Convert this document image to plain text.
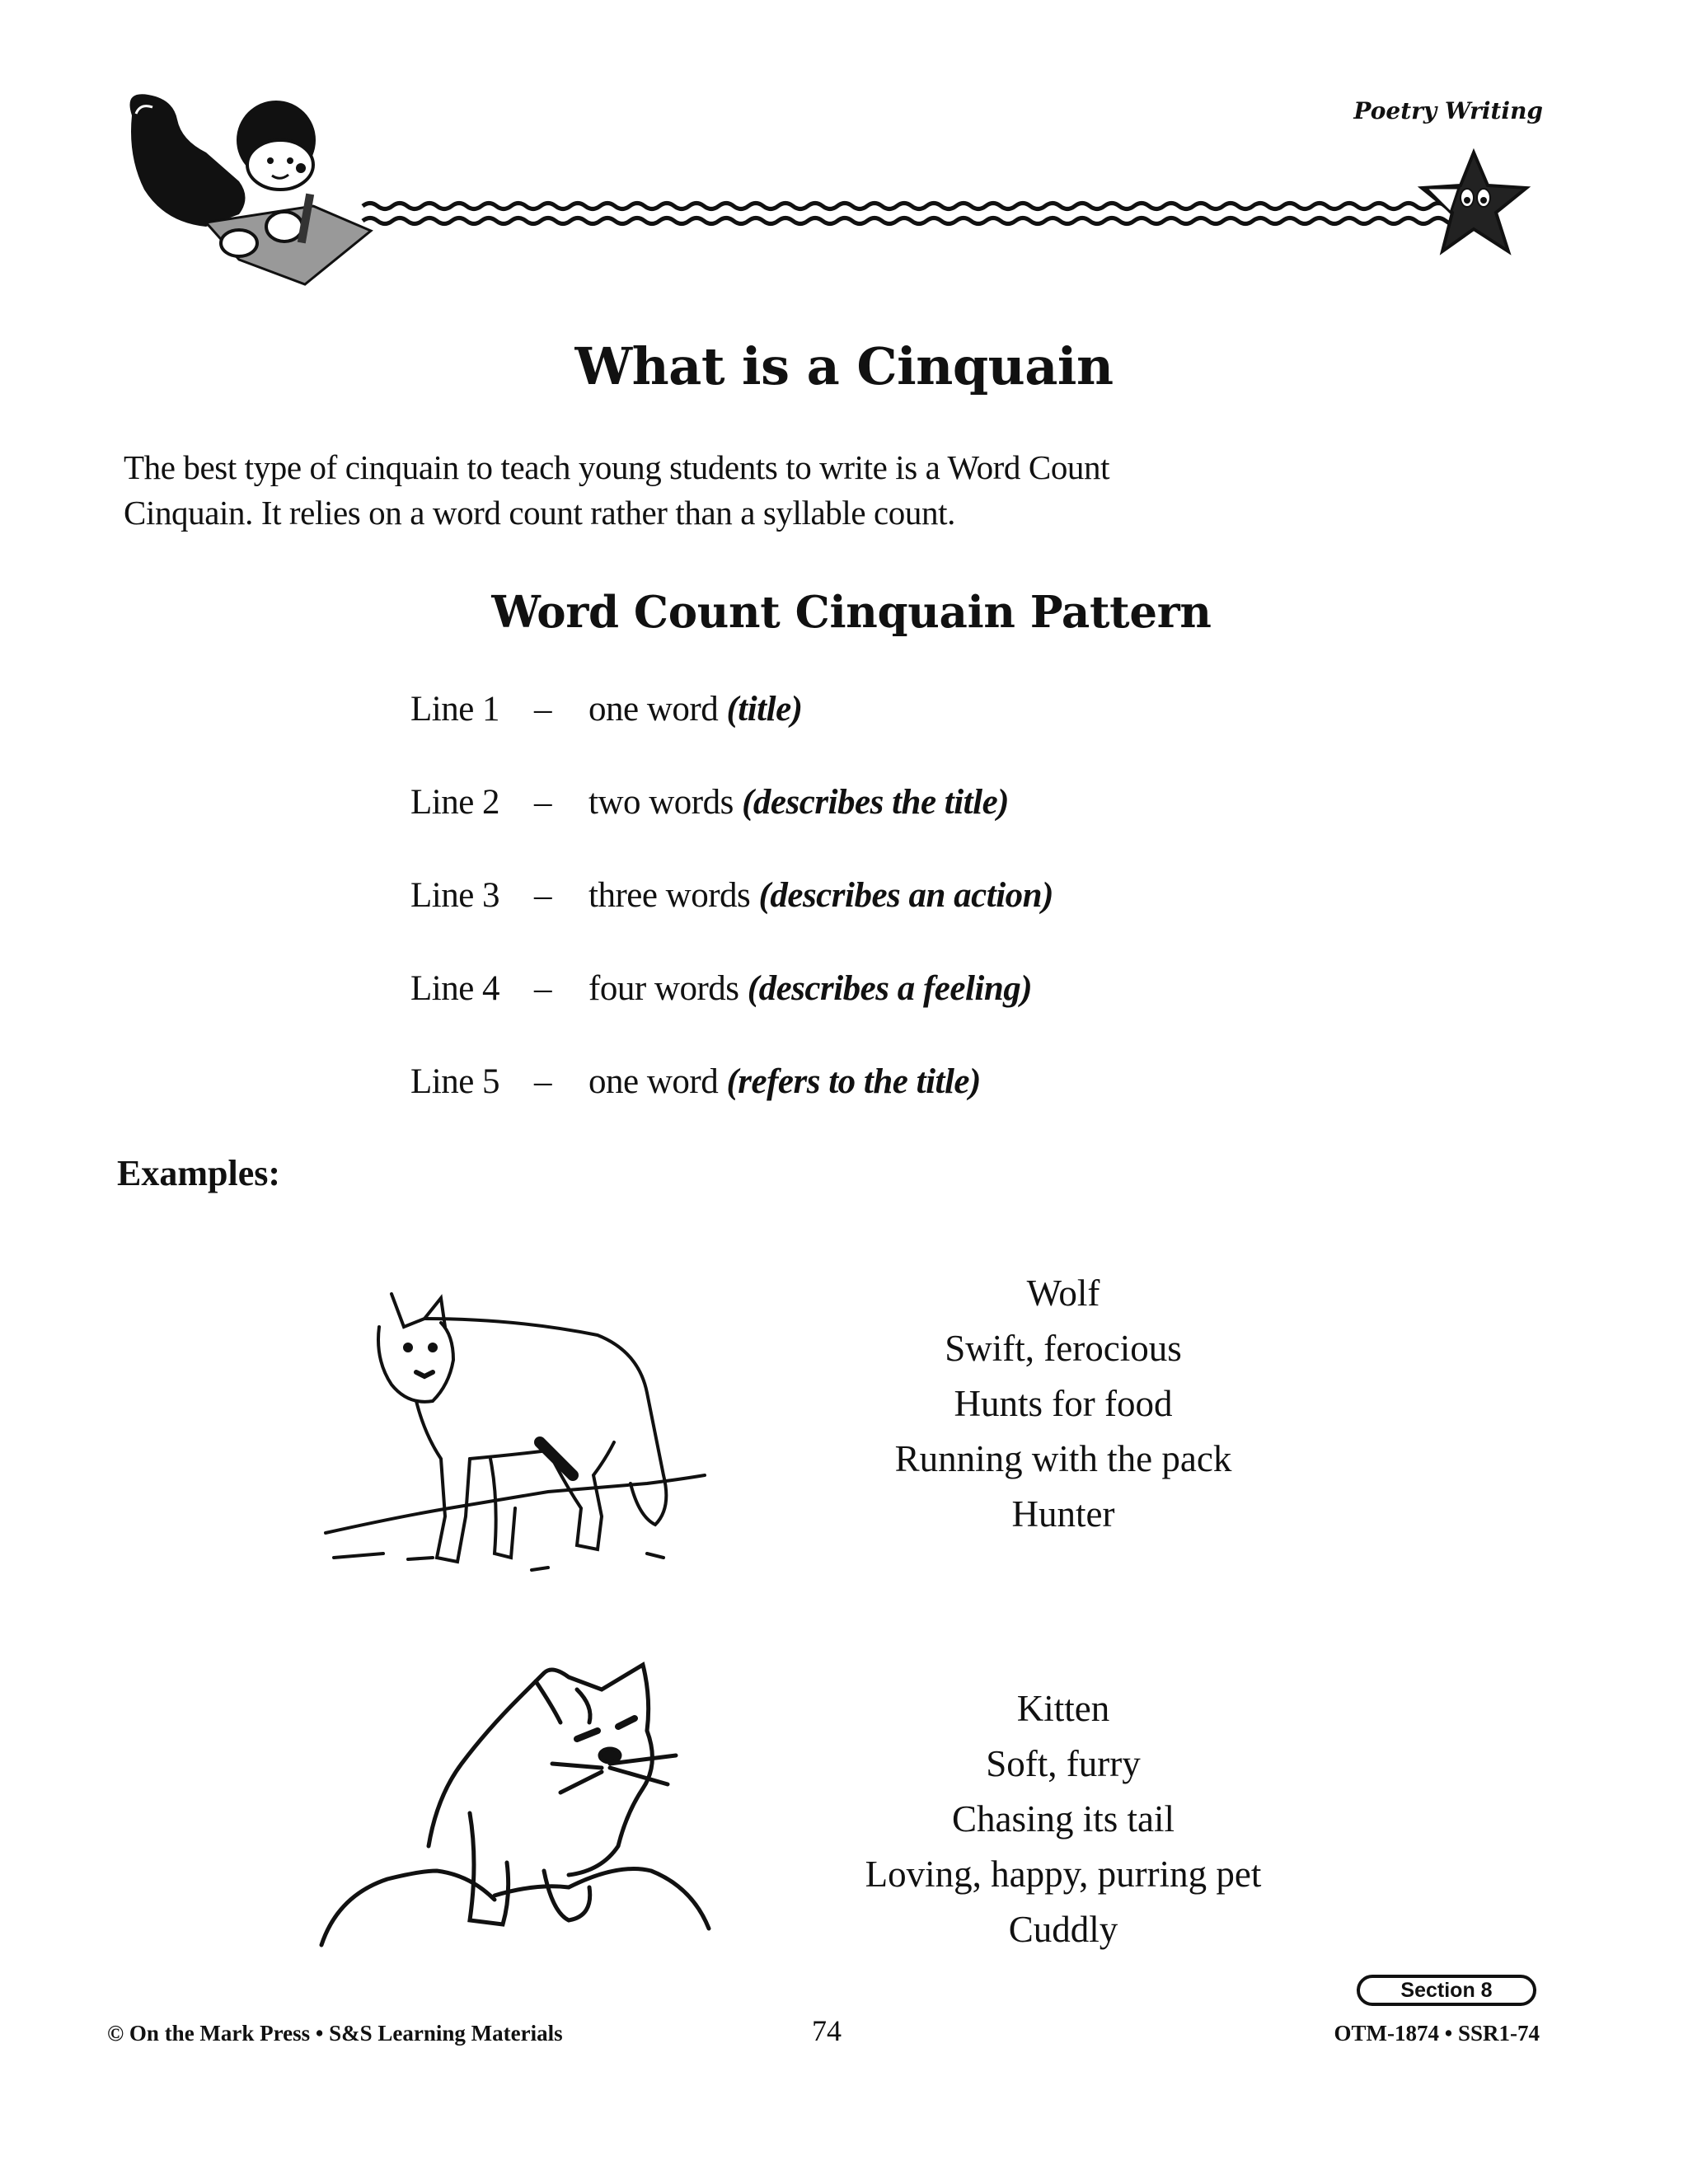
Poetry Writing
What is a Cinquain
The best type of cinquain to teach young students to write is a Word Count
Cinquain. It relies on a word count rather than a syllable count.
Word Count Cinquain Pattern
Line 1 – one word (title)
Line 2 – two words (describes the title)
Line 3 – three words (describes an action)
Line 4 – four words (describes a feeling)
Line 5 – one word (refers to the title)
Examples:
Wolf
Swift, ferocious
Hunts for food
Running with the pack
Hunter
Kitten
Soft, furry
Chasing its tail
Loving, happy, purring pet
Cuddly
© On the Mark Press • S&S Learning Materials	74
Section 8
OTM-1874 • SSR1-74
